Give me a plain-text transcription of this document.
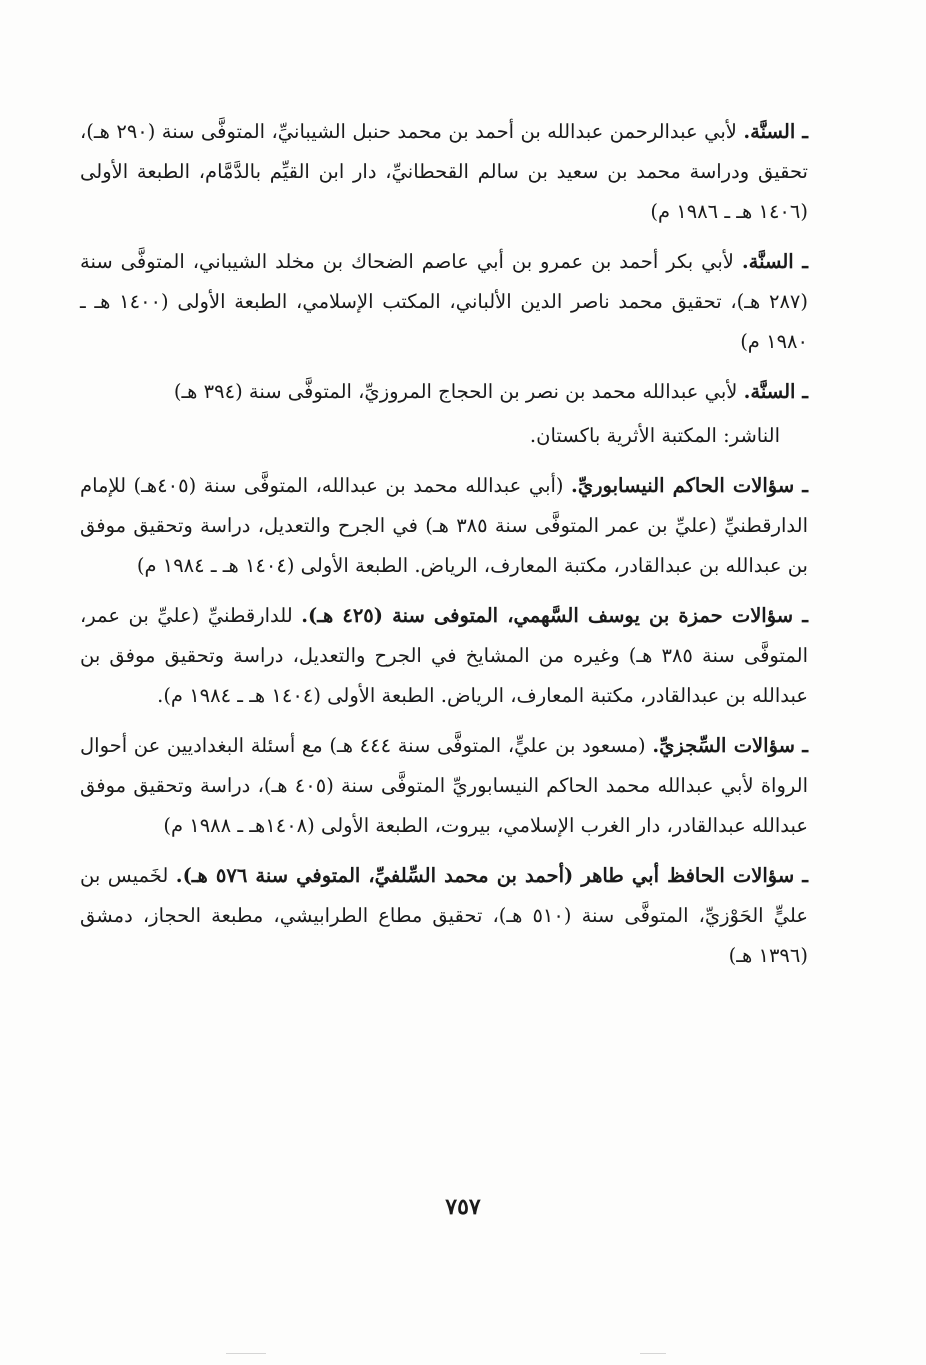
ـ السنَّة. لأبي عبدالرحمن عبدالله بن أحمد بن محمد حنبل الشيبانيِّ، المتوفَّى سنة (٢٩٠ هـ)، تحقيق ودراسة محمد بن سعيد بن سالم القحطانيِّ، دار ابن القيِّم بالدَّمَّام، الطبعة الأولى (١٤٠٦ هـ ـ ١٩٨٦ م)

ـ السنَّة. لأبي بكر أحمد بن عمرو بن أبي عاصم الضحاك بن مخلد الشيباني، المتوفَّى سنة (٢٨٧ هـ)، تحقيق محمد ناصر الدين الألباني، المكتب الإسلامي، الطبعة الأولى (١٤٠٠ هـ ـ ١٩٨٠ م)

ـ السنَّة. لأبي عبدالله محمد بن نصر بن الحجاج المروزيِّ، المتوفَّى سنة (٣٩٤ هـ)

الناشر: المكتبة الأثرية باكستان.

ـ سؤالات الحاكم النيسابوريِّ. (أبي عبدالله محمد بن عبدالله، المتوفَّى سنة (٤٠٥هـ) للإمام الدارقطنيِّ (عليِّ بن عمر المتوفَّى سنة ٣٨٥ هـ) في الجرح والتعديل، دراسة وتحقيق موفق بن عبدالله بن عبدالقادر، مكتبة المعارف، الرياض. الطبعة الأولى (١٤٠٤ هـ ـ ١٩٨٤ م)

ـ سؤالات حمزة بن يوسف السَّهمي، المتوفى سنة (٤٢٥ هـ). للدارقطنيِّ (عليِّ بن عمر، المتوفَّى سنة ٣٨٥ هـ) وغيره من المشايخ في الجرح والتعديل، دراسة وتحقيق موفق بن عبدالله بن عبدالقادر، مكتبة المعارف، الرياض. الطبعة الأولى (١٤٠٤ هـ ـ ١٩٨٤ م).

ـ سؤالات السِّجزيِّ. (مسعود بن عليٍّ، المتوفَّى سنة ٤٤٤ هـ) مع أسئلة البغداديين عن أحوال الرواة لأبي عبدالله محمد الحاكم النيسابوريِّ المتوفَّى سنة (٤٠٥ هـ)، دراسة وتحقيق موفق عبدالله عبدالقادر، دار الغرب الإسلامي، بيروت، الطبعة الأولى (١٤٠٨هـ ـ ١٩٨٨ م)

ـ سؤالات الحافظ أبي طاهر (أحمد بن محمد السِّلفيِّ، المتوفي سنة ٥٧٦ هـ). لخَميس بن عليٍّ الحَوْزيِّ، المتوفَّى سنة (٥١٠ هـ)، تحقيق مطاع الطرابيشي، مطبعة الحجاز، دمشق (١٣٩٦ هـ)

٧٥٧
